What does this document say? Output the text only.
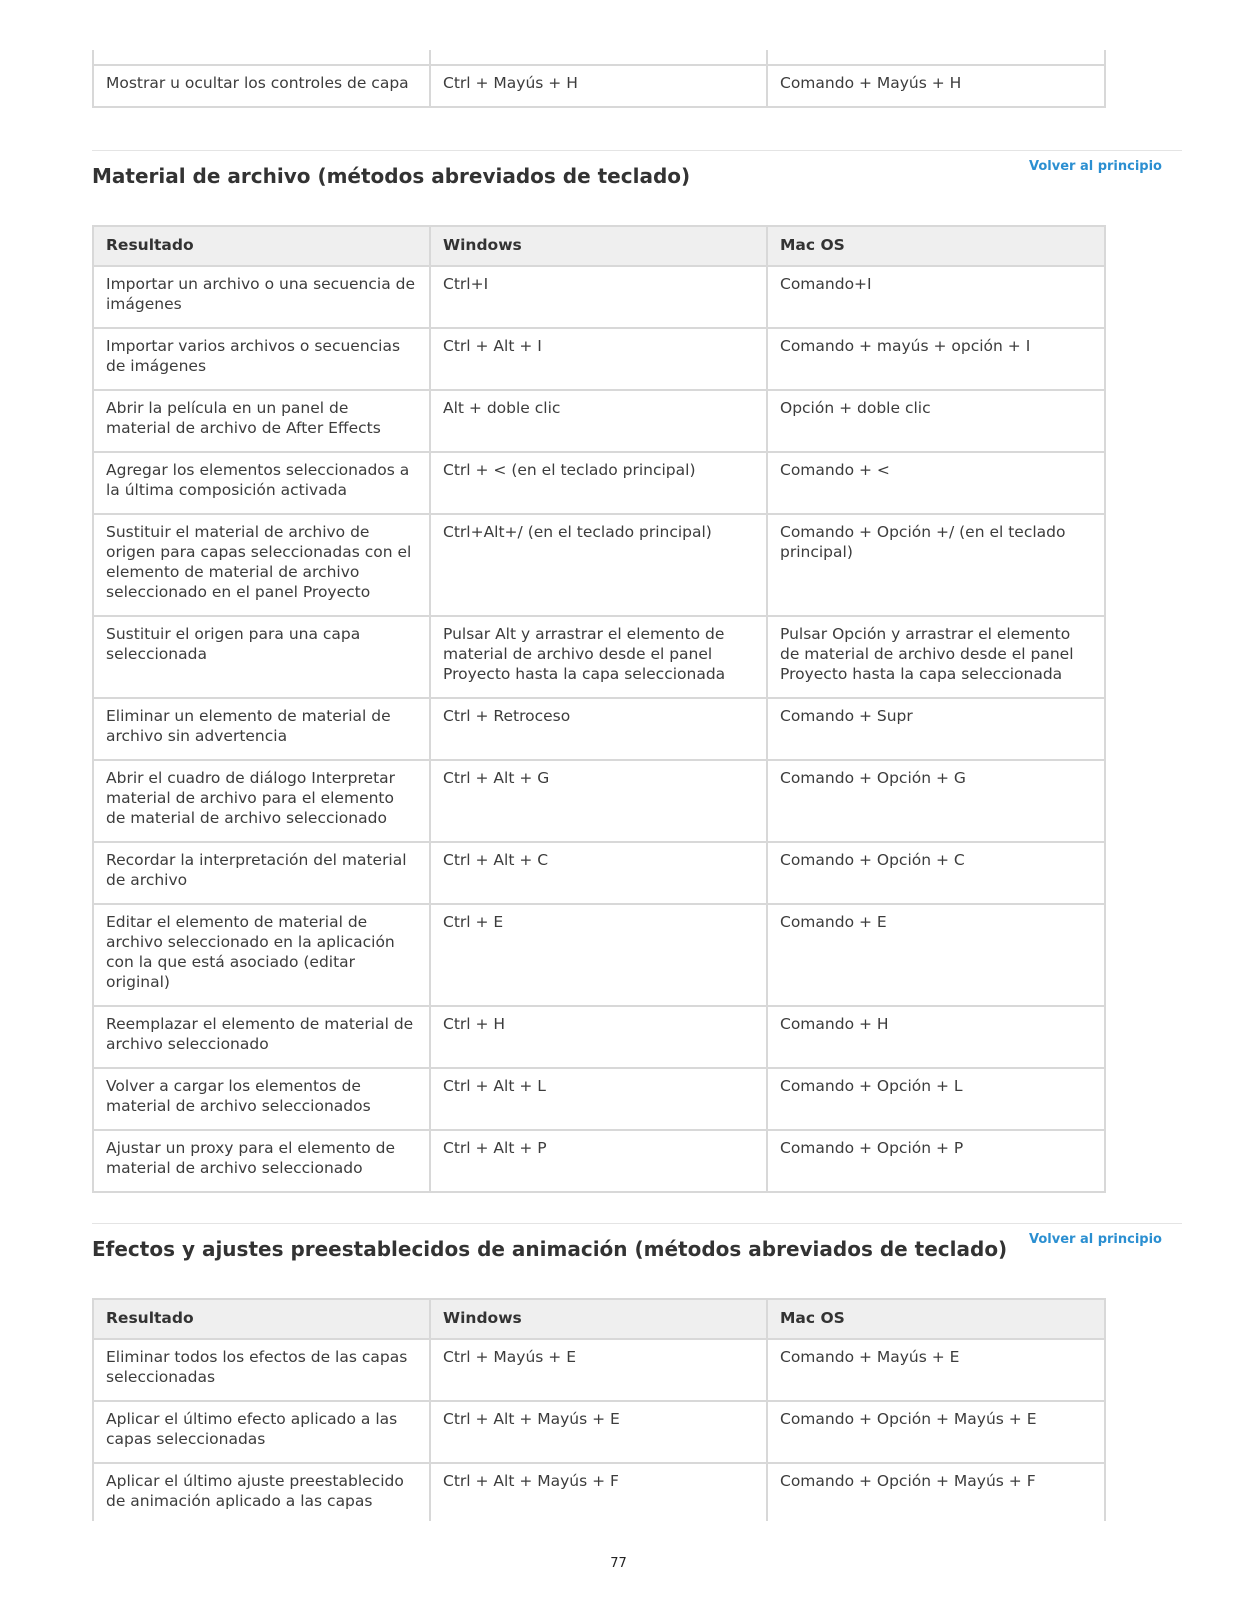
Mostrar u ocultar los controles de capa	Ctrl + Mayús + H	Comando + Mayús + H
Volver al principio
Material de archivo (métodos abreviados de teclado)
Resultado	Windows	Mac OS
Importar un archivo o una secuencia de imágenes	Ctrl+I	Comando+I
Importar varios archivos o secuencias de imágenes	Ctrl + Alt + I	Comando + mayús + opción + I
Abrir la película en un panel de material de archivo de After Effects	Alt + doble clic	Opción + doble clic
Agregar los elementos seleccionados a la última composición activada	Ctrl + < (en el teclado principal)	Comando + <
Sustituir el material de archivo de origen para capas seleccionadas con el elemento de material de archivo seleccionado en el panel Proyecto	Ctrl+Alt+/ (en el teclado principal)	Comando + Opción +/ (en el teclado principal)
Sustituir el origen para una capa seleccionada	Pulsar Alt y arrastrar el elemento de material de archivo desde el panel Proyecto hasta la capa seleccionada	Pulsar Opción y arrastrar el elemento de material de archivo desde el panel Proyecto hasta la capa seleccionada
Eliminar un elemento de material de archivo sin advertencia	Ctrl + Retroceso	Comando + Supr
Abrir el cuadro de diálogo Interpretar material de archivo para el elemento de material de archivo seleccionado	Ctrl + Alt + G	Comando + Opción + G
Recordar la interpretación del material de archivo	Ctrl + Alt + C	Comando + Opción + C
Editar el elemento de material de archivo seleccionado en la aplicación con la que está asociado (editar original)	Ctrl + E	Comando + E
Reemplazar el elemento de material de archivo seleccionado	Ctrl + H	Comando + H
Volver a cargar los elementos de material de archivo seleccionados	Ctrl + Alt + L	Comando + Opción + L
Ajustar un proxy para el elemento de material de archivo seleccionado	Ctrl + Alt + P	Comando + Opción + P
Volver al principio
Efectos y ajustes preestablecidos de animación (métodos abreviados de teclado)
Resultado	Windows	Mac OS
Eliminar todos los efectos de las capas seleccionadas	Ctrl + Mayús + E	Comando + Mayús + E
Aplicar el último efecto aplicado a las capas seleccionadas	Ctrl + Alt + Mayús + E	Comando + Opción + Mayús + E
Aplicar el último ajuste preestablecido de animación aplicado a las capas	Ctrl + Alt + Mayús + F	Comando + Opción + Mayús + F
77
